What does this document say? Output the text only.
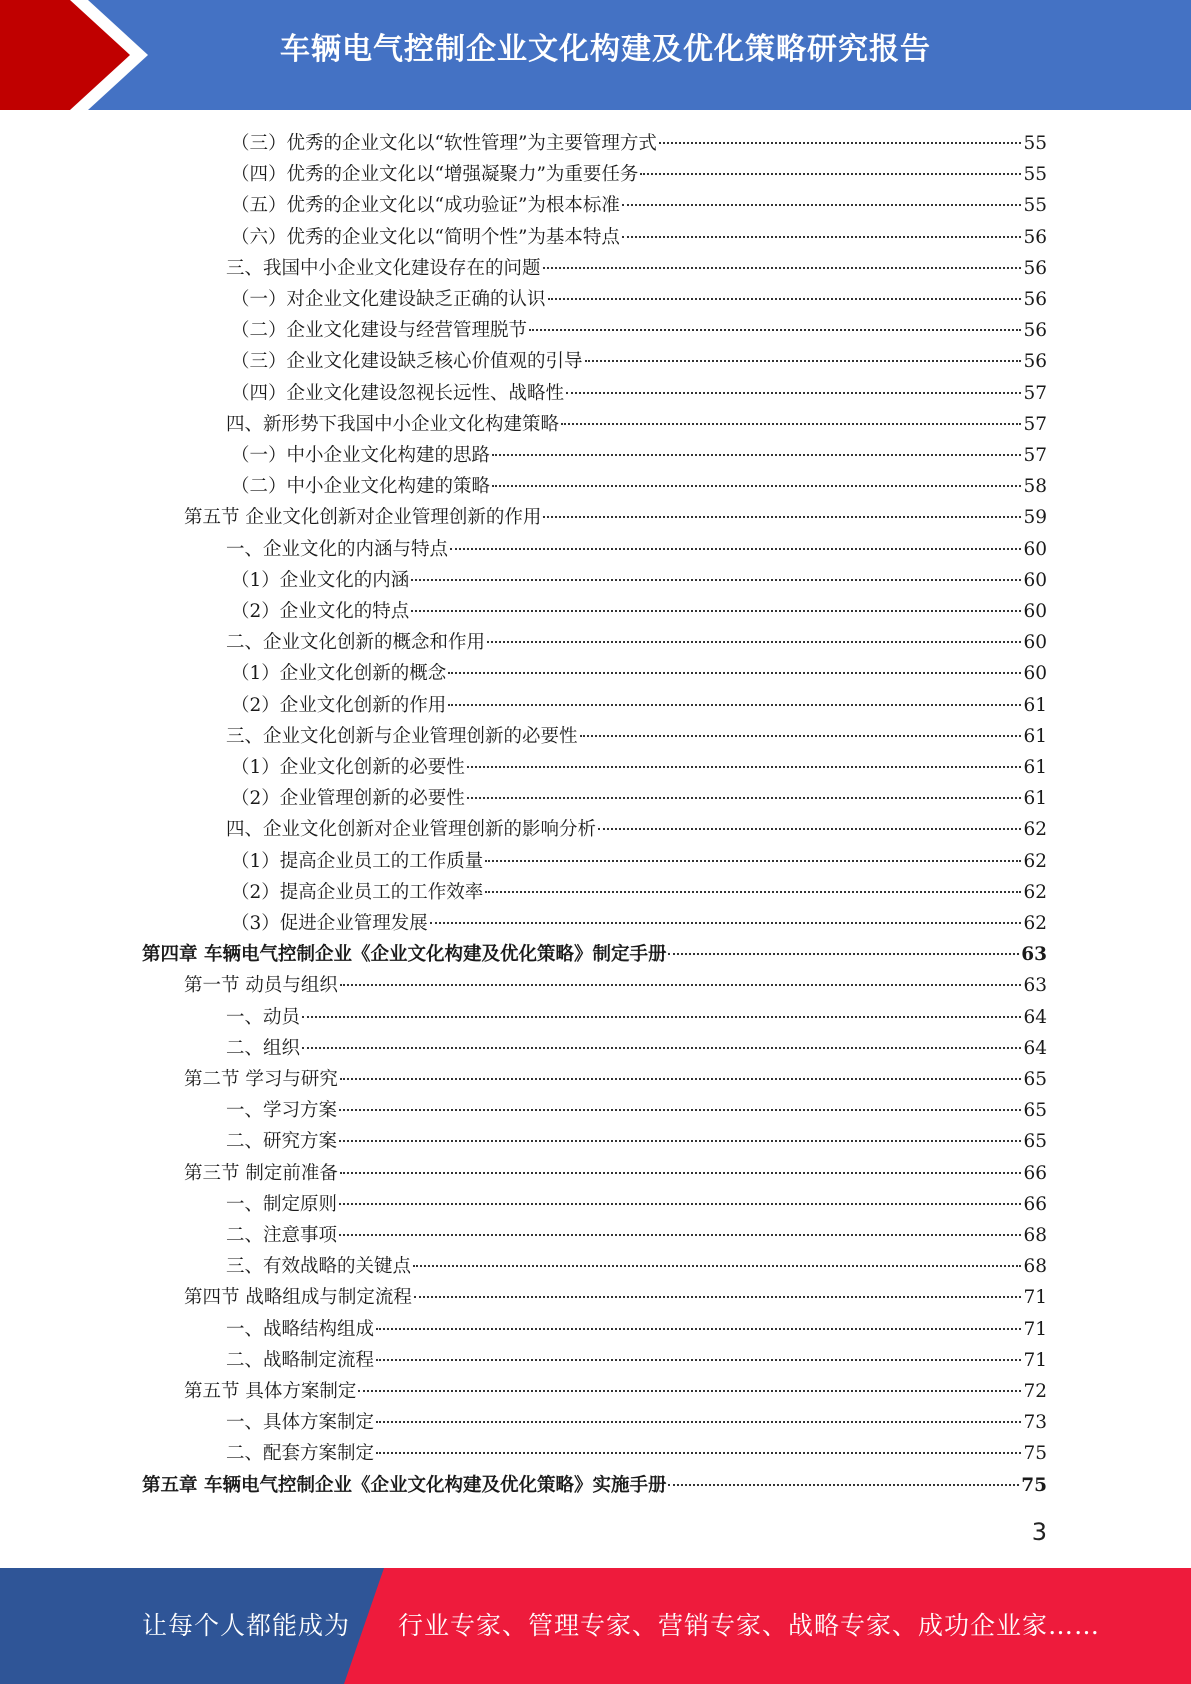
车辆电气控制企业文化构建及优化策略研究报告
（三）优秀的企业文化以“软性管理”为主要管理方式	55
（四）优秀的企业文化以“增强凝聚力”为重要任务	55
（五）优秀的企业文化以“成功验证”为根本标准	55
（六）优秀的企业文化以“简明个性”为基本特点	56
三、我国中小企业文化建设存在的问题	56
（一）对企业文化建设缺乏正确的认识	56
（二）企业文化建设与经营管理脱节	56
（三）企业文化建设缺乏核心价值观的引导	56
（四）企业文化建设忽视长远性、战略性	57
四、新形势下我国中小企业文化构建策略	57
（一）中小企业文化构建的思路	57
（二）中小企业文化构建的策略	58
第五节 企业文化创新对企业管理创新的作用	59
一、企业文化的内涵与特点	60
（1）企业文化的内涵	60
（2）企业文化的特点	60
二、企业文化创新的概念和作用	60
（1）企业文化创新的概念	60
（2）企业文化创新的作用	61
三、企业文化创新与企业管理创新的必要性	61
（1）企业文化创新的必要性	61
（2）企业管理创新的必要性	61
四、企业文化创新对企业管理创新的影响分析	62
（1）提高企业员工的工作质量	62
（2）提高企业员工的工作效率	62
（3）促进企业管理发展	62
第四章 车辆电气控制企业《企业文化构建及优化策略》制定手册	63
第一节 动员与组织	63
一、动员	64
二、组织	64
第二节 学习与研究	65
一、学习方案	65
二、研究方案	65
第三节 制定前准备	66
一、制定原则	66
二、注意事项	68
三、有效战略的关键点	68
第四节 战略组成与制定流程	71
一、战略结构组成	71
二、战略制定流程	71
第五节 具体方案制定	72
一、具体方案制定	73
二、配套方案制定	75
第五章 车辆电气控制企业《企业文化构建及优化策略》实施手册	75
3
让每个人都能成为 行业专家、管理专家、营销专家、战略专家、成功企业家……
